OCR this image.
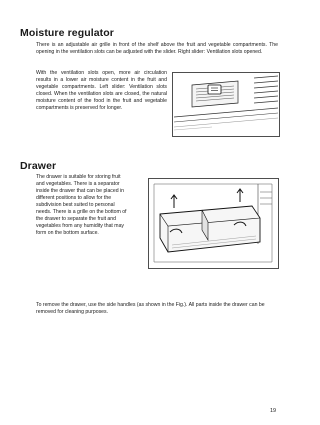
Moisture regulator

There is an adjustable air grille in front of the shelf above the fruit and vegetable compartments. The opening in the ventilation slots can be adjusted with the slider. Right slider: Ventilation slots opened.

With the ventilation slots open, more air circulation results in a lower air moisture content in the fruit and vegetable compartments. Left slider: Ventilation slots closed. When the ventilation slots are closed, the natural moisture content of the food in the fruit and vegetable compartments is preserved for longer.

Drawer

The drawer is suitable for storing fruit and vegetables. There is a separator inside the drawer that can be placed in different positions to allow for the subdivision best suited to personal needs. There is a grille on the bottom of the drawer to separate the fruit and vegetables from any humidity that may form on the bottom surface.

To remove the drawer, use the side handles (as shown in the Fig.). All parts inside the drawer can be removed for cleaning purposes.

19
